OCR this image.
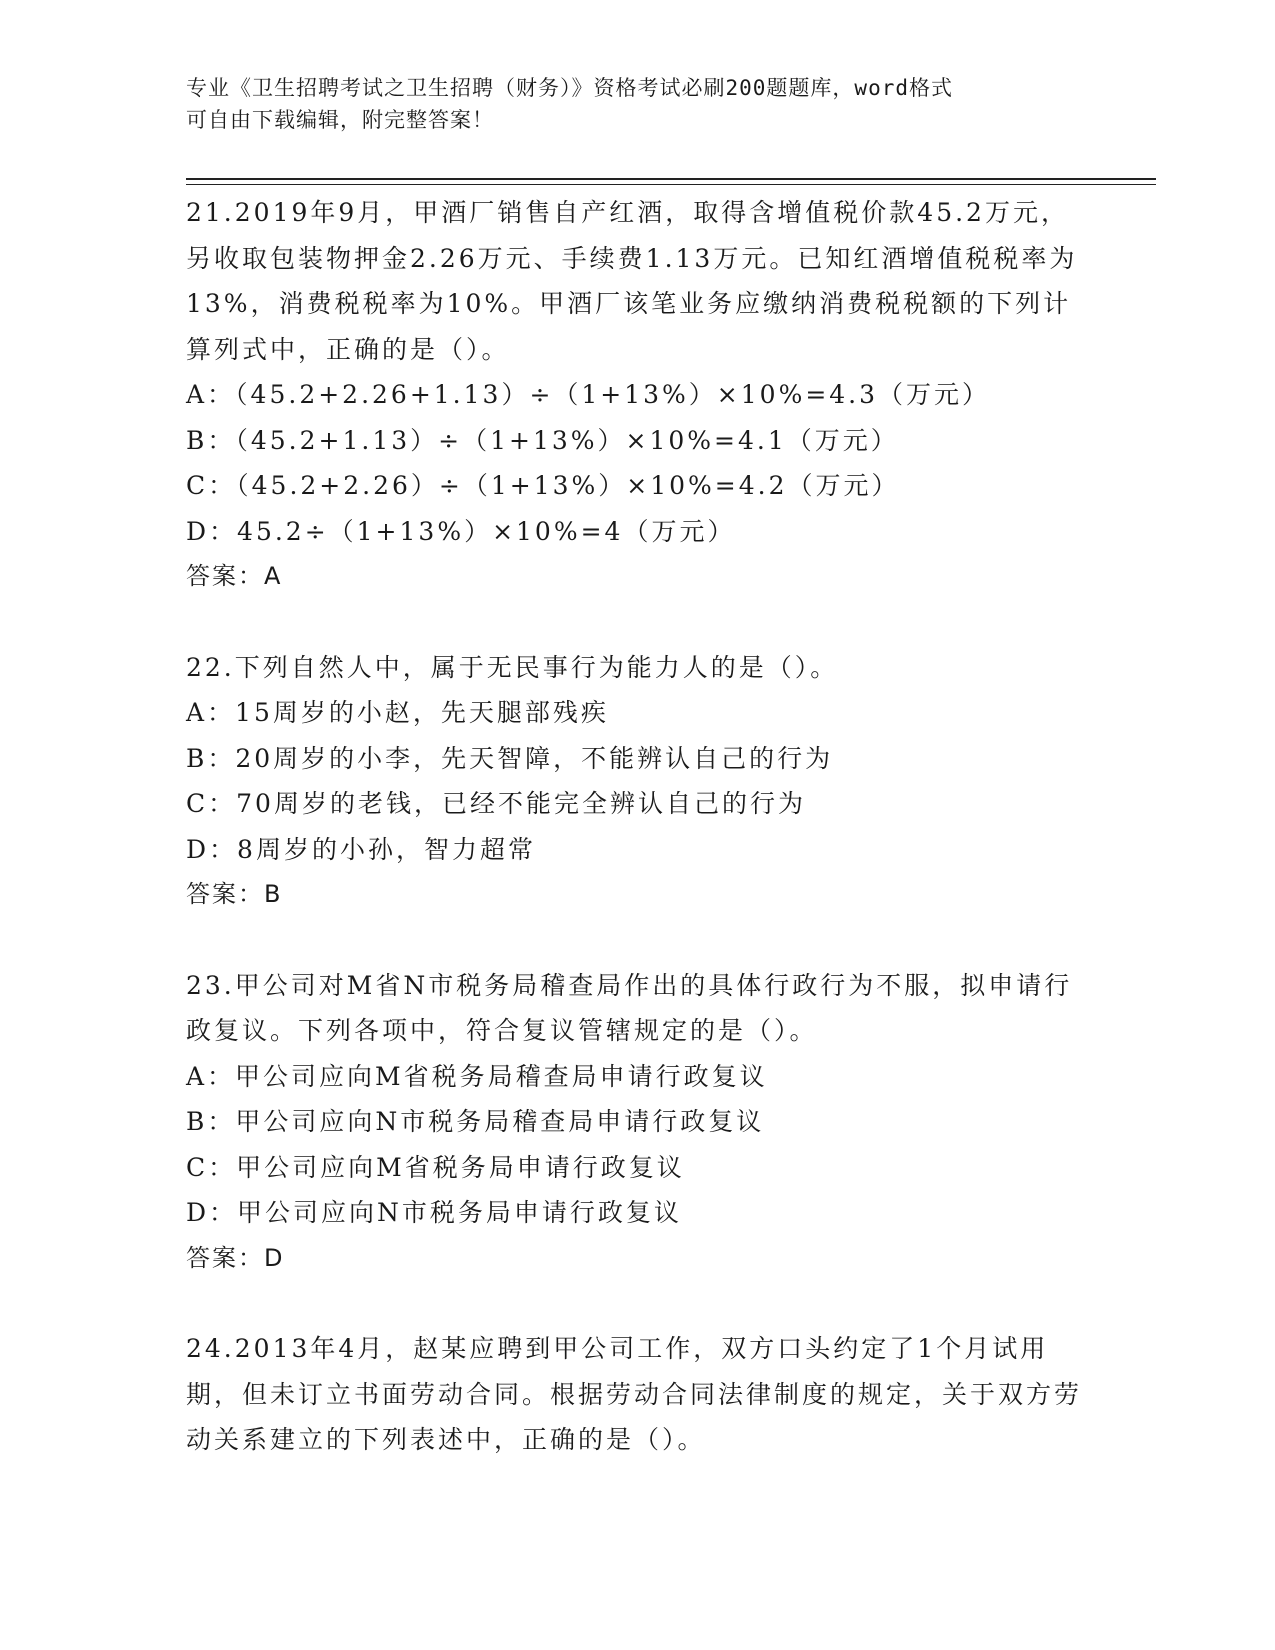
专业《卫生招聘考试之卫生招聘（财务）》资格考试必刷200题题库，word格式
可自由下载编辑，附完整答案！

21.2019年9月，甲酒厂销售自产红酒，取得含增值税价款45.2万元，另收取包装物押金2.26万元、手续费1.13万元。已知红酒增值税税率为13%，消费税税率为10%。甲酒厂该笔业务应缴纳消费税税额的下列计算列式中，正确的是（）。

A：（45.2+2.26+1.13）÷（1+13%）×10%=4.3（万元）

B：（45.2+1.13）÷（1+13%）×10%=4.1（万元）

C：（45.2+2.26）÷（1+13%）×10%=4.2（万元）

D：45.2÷（1+13%）×10%=4（万元）

答案：A

22.下列自然人中，属于无民事行为能力人的是（）。

A：15周岁的小赵，先天腿部残疾

B：20周岁的小李，先天智障，不能辨认自己的行为

C：70周岁的老钱，已经不能完全辨认自己的行为

D：8周岁的小孙，智力超常

答案：B

23.甲公司对M省N市税务局稽查局作出的具体行政行为不服，拟申请行政复议。下列各项中，符合复议管辖规定的是（）。

A：甲公司应向M省税务局稽查局申请行政复议

B：甲公司应向N市税务局稽查局申请行政复议

C：甲公司应向M省税务局申请行政复议

D：甲公司应向N市税务局申请行政复议

答案：D

24.2013年4月，赵某应聘到甲公司工作，双方口头约定了1个月试用期，但未订立书面劳动合同。根据劳动合同法律制度的规定，关于双方劳动关系建立的下列表述中，正确的是（）。
